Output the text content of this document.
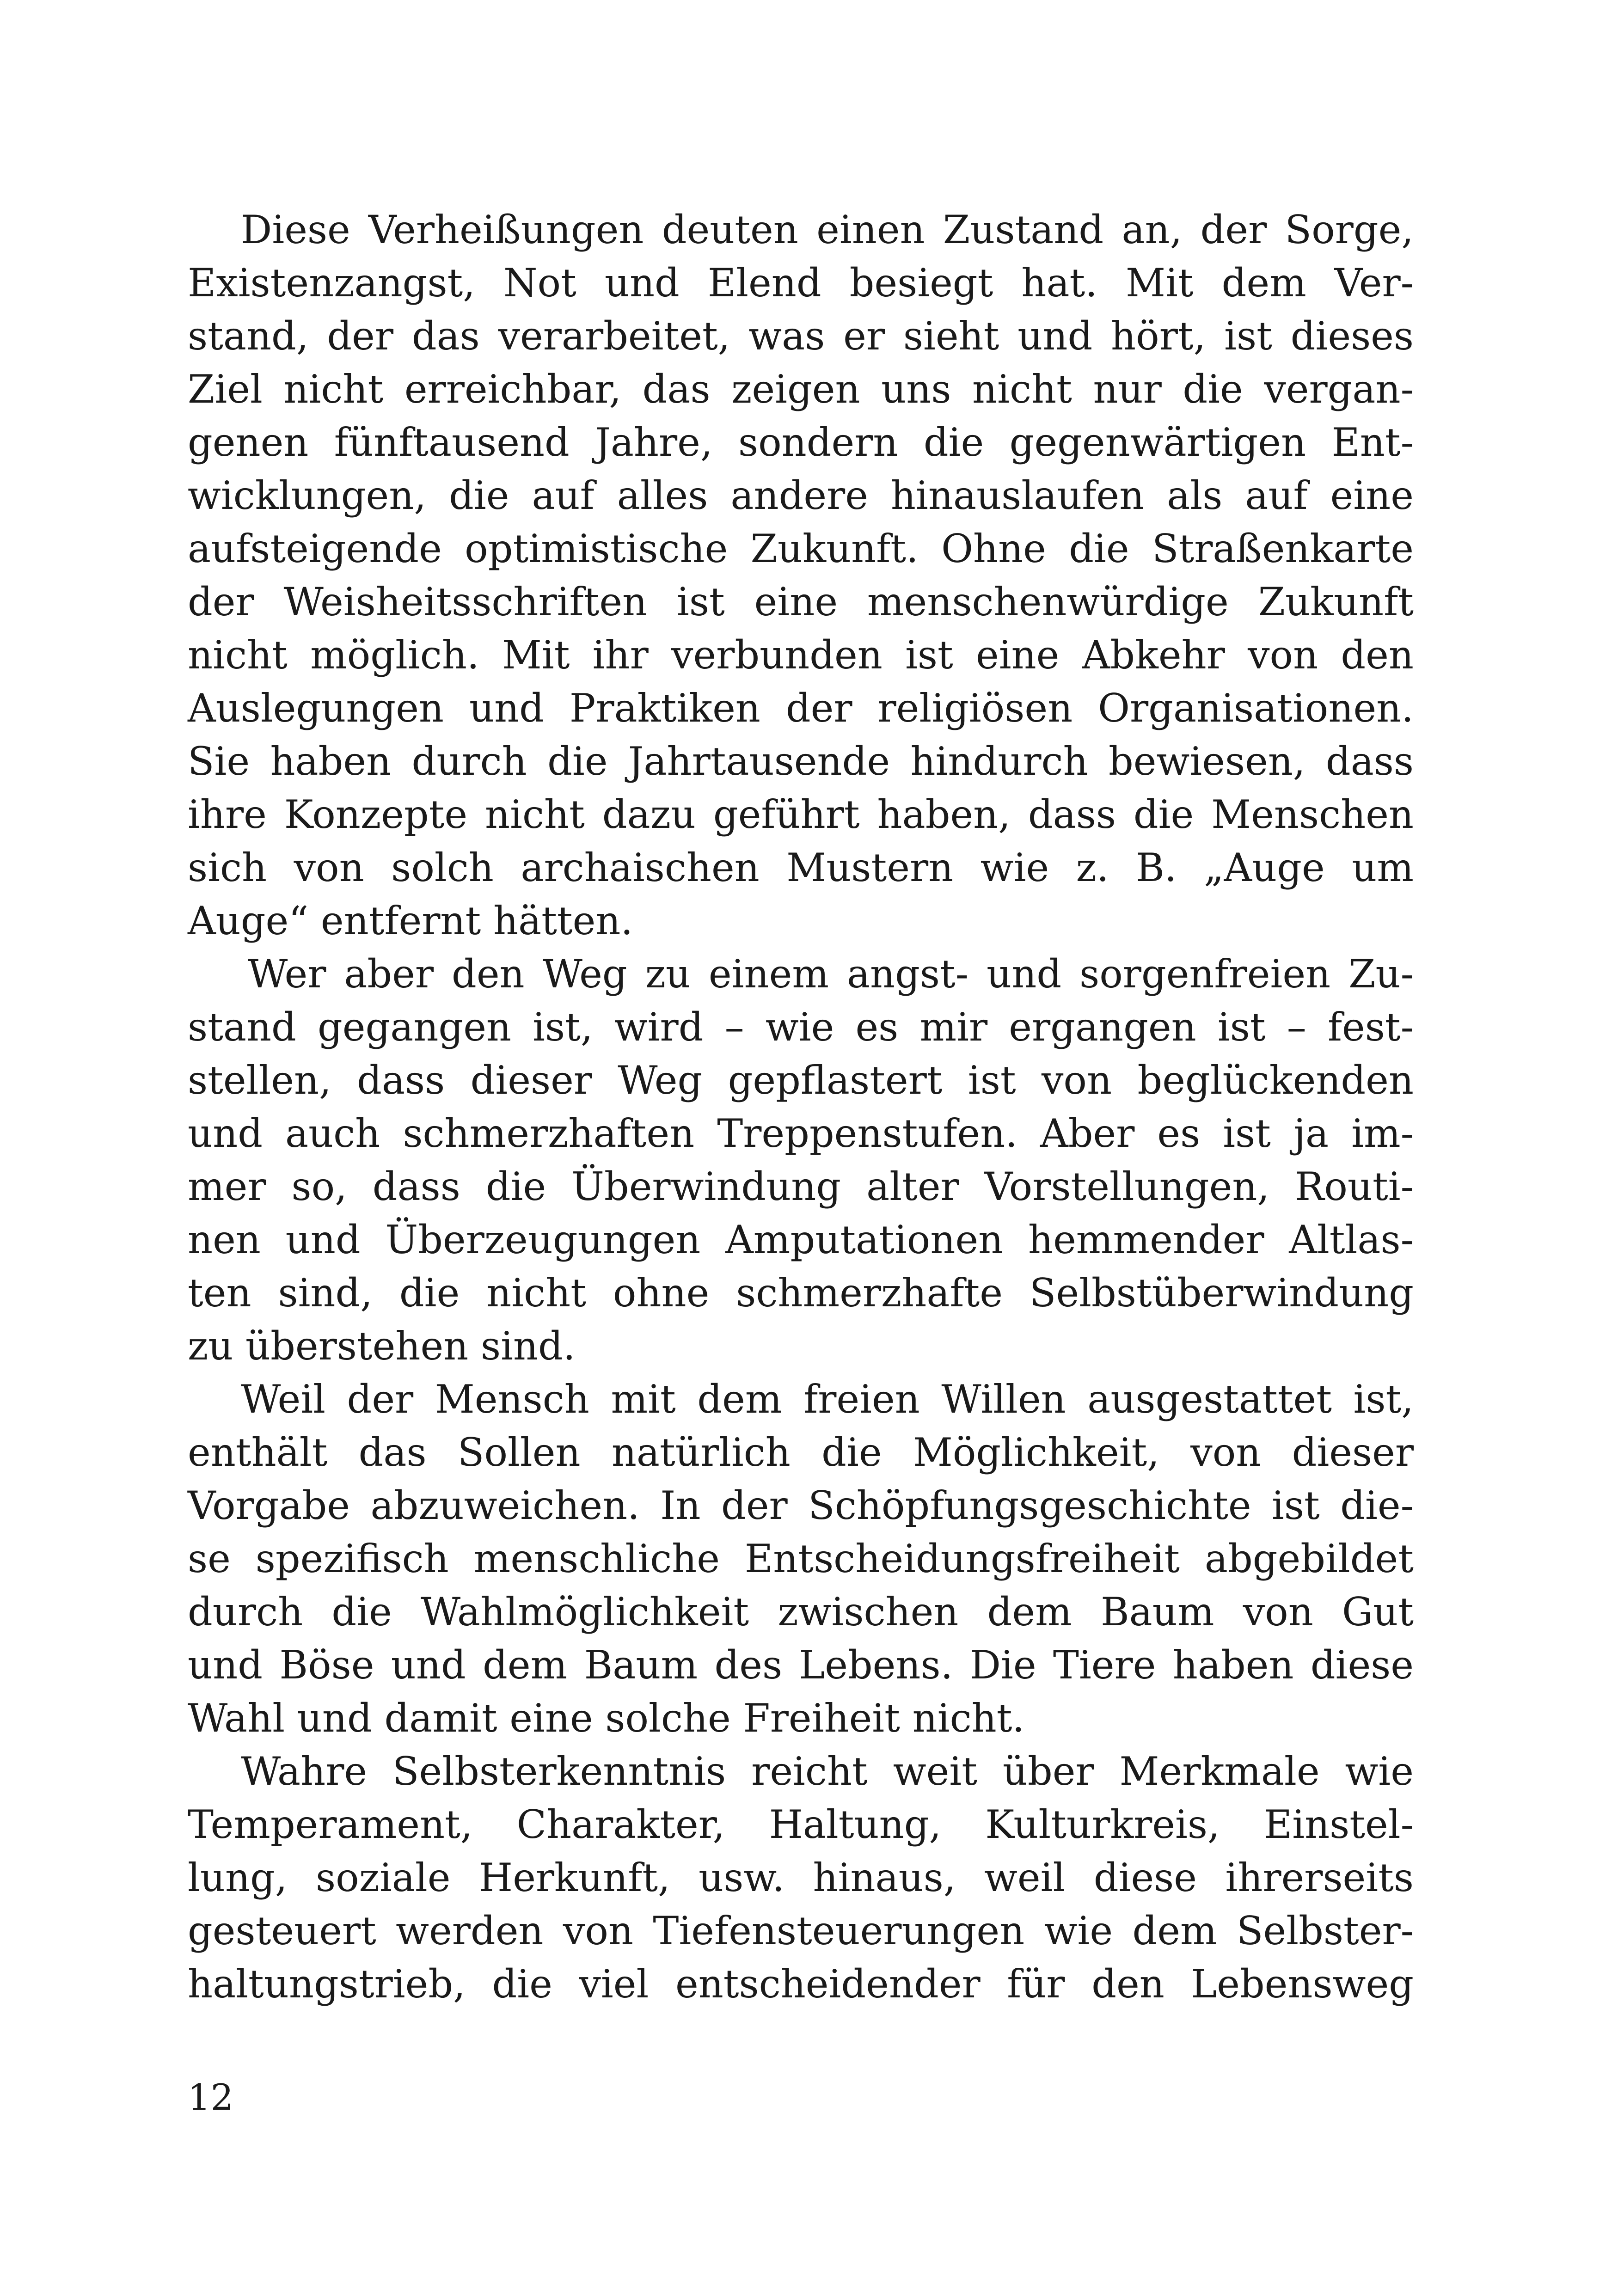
Diese Verheißungen deuten einen Zustand an, der Sorge,
Existenzangst, Not und Elend besiegt hat. Mit dem Ver-
stand, der das verarbeitet, was er sieht und hört, ist dieses
Ziel nicht erreichbar, das zeigen uns nicht nur die vergan-
genen fünftausend Jahre, sondern die gegenwärtigen Ent-
wicklungen, die auf alles andere hinauslaufen als auf eine
aufsteigende optimistische Zukunft. Ohne die Straßenkarte
der Weisheitsschriften ist eine menschenwürdige Zukunft
nicht möglich. Mit ihr verbunden ist eine Abkehr von den
Auslegungen und Praktiken der religiösen Organisationen.
Sie haben durch die Jahrtausende hindurch bewiesen, dass
ihre Konzepte nicht dazu geführt haben, dass die Menschen
sich von solch archaischen Mustern wie z. B. „Auge um
Auge“ entfernt hätten.
Wer aber den Weg zu einem angst- und sorgenfreien Zu-
stand gegangen ist, wird – wie es mir ergangen ist – fest-
stellen, dass dieser Weg gepflastert ist von beglückenden
und auch schmerzhaften Treppenstufen. Aber es ist ja im-
mer so, dass die Überwindung alter Vorstellungen, Routi-
nen und Überzeugungen Amputationen hemmender Altlas-
ten sind, die nicht ohne schmerzhafte Selbstüberwindung
zu überstehen sind.
Weil der Mensch mit dem freien Willen ausgestattet ist,
enthält das Sollen natürlich die Möglichkeit, von dieser
Vorgabe abzuweichen. In der Schöpfungsgeschichte ist die-
se spezifisch menschliche Entscheidungsfreiheit abgebildet
durch die Wahlmöglichkeit zwischen dem Baum von Gut
und Böse und dem Baum des Lebens. Die Tiere haben diese
Wahl und damit eine solche Freiheit nicht.
Wahre Selbsterkenntnis reicht weit über Merkmale wie
Temperament, Charakter, Haltung, Kulturkreis, Einstel-
lung, soziale Herkunft, usw. hinaus, weil diese ihrerseits
gesteuert werden von Tiefensteuerungen wie dem Selbster-
haltungstrieb, die viel entscheidender für den Lebensweg
12
